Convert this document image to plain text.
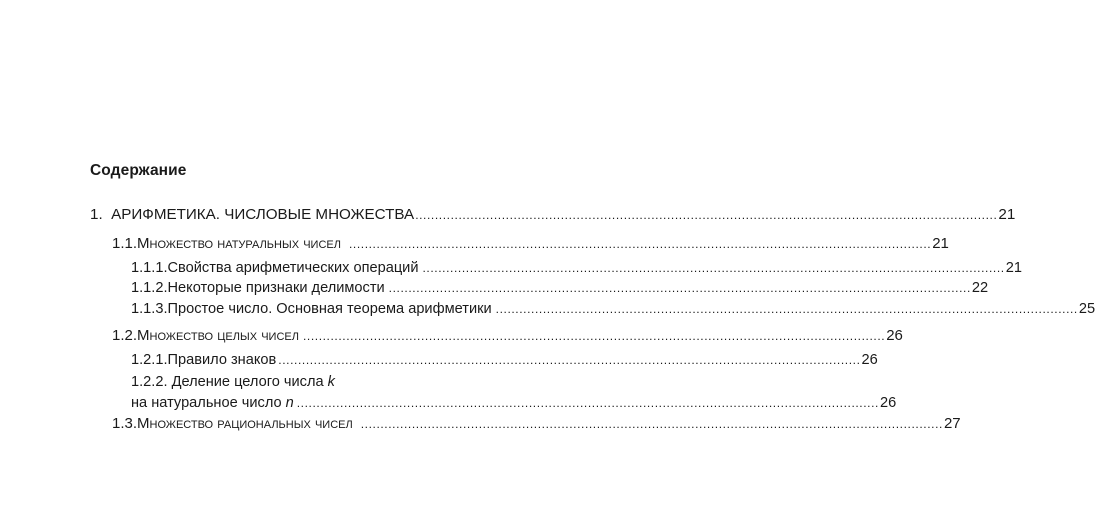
Содержание
1. АРИФМЕТИКА. ЧИСЛОВЫЕ МНОЖЕСТВА .................................................................................................................................................... 21
1.1. Множество натуральных чисел .................................................................................................................................................... 21
1.1.1. Свойства арифметических операций .................................................................................................................................................... 21
1.1.2. Некоторые признаки делимости .................................................................................................................................................... 22
1.1.3. Простое число. Основная теорема арифметики .................................................................................................................................................... 25
1.2. Множество целых чисел .................................................................................................................................................... 26
1.2.1. Правило знаков .................................................................................................................................................... 26
1.2.2. Деление целого числа k
на натуральное число n .................................................................................................................................................... 26
1.3. Множество рациональных чисел .................................................................................................................................................... 27
